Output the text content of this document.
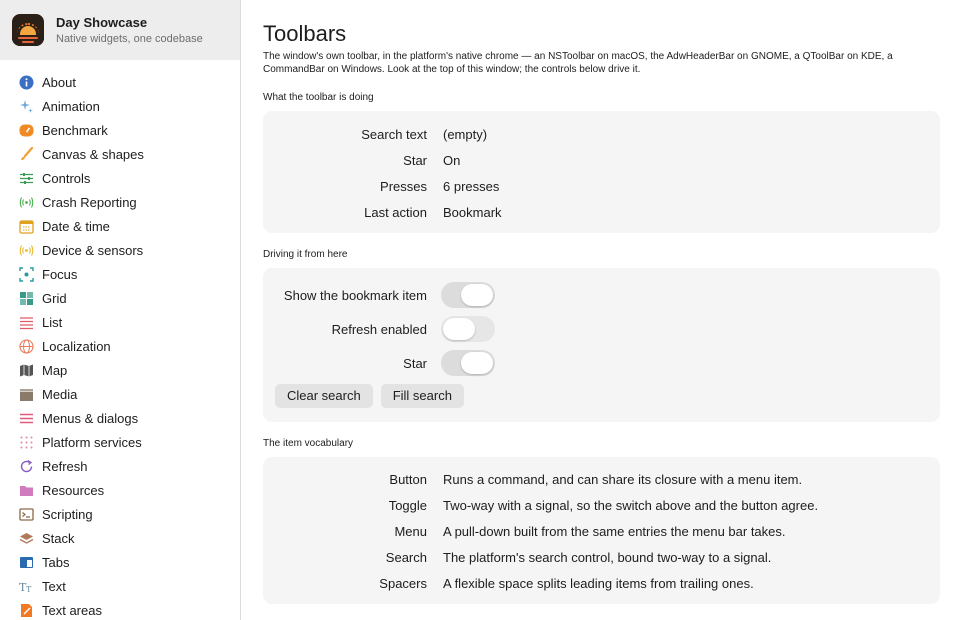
Day Showcase
Native widgets, one codebase
About
Animation
Benchmark
Canvas & shapes
Controls
Crash Reporting
Date & time
Device & sensors
Focus
Grid
List
Localization
Map
Media
Menus & dialogs
Platform services
Refresh
Resources
Scripting
Stack
Tabs
T T Text
Text areas
Toolbars

The window's own toolbar, in the platform's native chrome — an NSToolbar on macOS, the AdwHeaderBar on GNOME, a QToolBar on KDE, a CommandBar on Windows. Look at the top of this window; the controls below drive it.

What the toolbar is doing
Search text (empty)
Star On
Presses 6 presses
Last action Bookmark
Driving it from here
Show the bookmark item
Refresh enabled
Star
Clear search	Fill search
The item vocabulary
Button Runs a command, and can share its closure with a menu item.
Toggle Two-way with a signal, so the switch above and the button agree.
Menu A pull-down built from the same entries the menu bar takes.
Search The platform's search control, bound two-way to a signal.
Spacers A flexible space splits leading items from trailing ones.
